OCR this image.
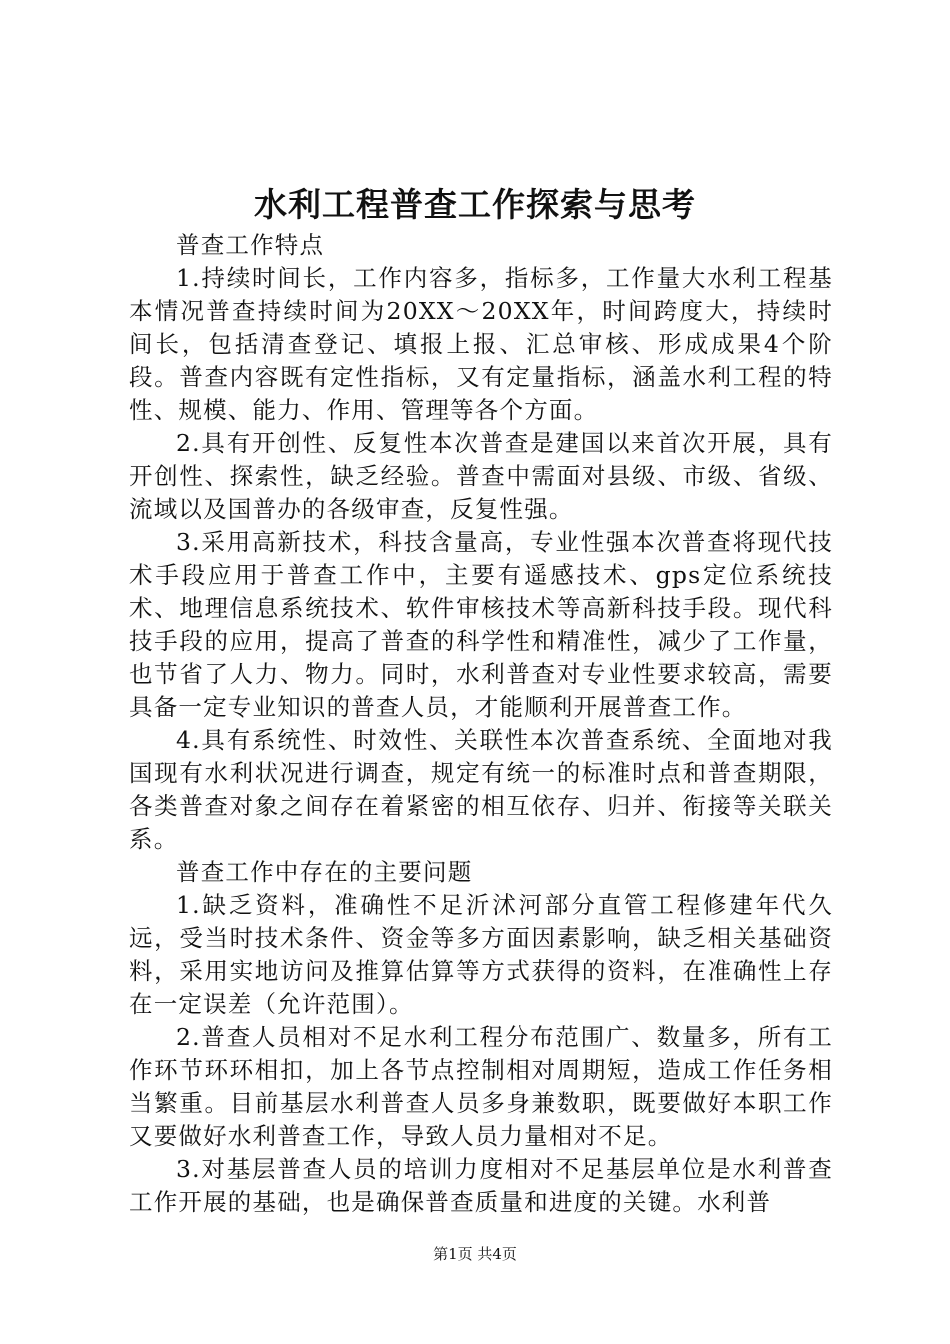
水利工程普查工作探索与思考

普查工作特点

1.持续时间长，工作内容多，指标多，工作量大水利工程基本情况普查持续时间为20XX～20XX年，时间跨度大，持续时间长，包括清查登记、填报上报、汇总审核、形成成果4个阶段。普查内容既有定性指标，又有定量指标，涵盖水利工程的特性、规模、能力、作用、管理等各个方面。

2.具有开创性、反复性本次普查是建国以来首次开展，具有开创性、探索性，缺乏经验。普查中需面对县级、市级、省级、流域以及国普办的各级审查，反复性强。

3.采用高新技术，科技含量高，专业性强本次普查将现代技术手段应用于普查工作中，主要有遥感技术、gps定位系统技术、地理信息系统技术、软件审核技术等高新科技手段。现代科技手段的应用，提高了普查的科学性和精准性，减少了工作量，也节省了人力、物力。同时，水利普查对专业性要求较高，需要具备一定专业知识的普查人员，才能顺利开展普查工作。

4.具有系统性、时效性、关联性本次普查系统、全面地对我国现有水利状况进行调查，规定有统一的标准时点和普查期限，各类普查对象之间存在着紧密的相互依存、归并、衔接等关联关系。

普查工作中存在的主要问题

1.缺乏资料，准确性不足沂沭河部分直管工程修建年代久远，受当时技术条件、资金等多方面因素影响，缺乏相关基础资料，采用实地访问及推算估算等方式获得的资料，在准确性上存在一定误差（允许范围）。

2.普查人员相对不足水利工程分布范围广、数量多，所有工作环节环环相扣，加上各节点控制相对周期短，造成工作任务相当繁重。目前基层水利普查人员多身兼数职，既要做好本职工作又要做好水利普查工作，导致人员力量相对不足。

3.对基层普查人员的培训力度相对不足基层单位是水利普查工作开展的基础，也是确保普查质量和进度的关键。水利普

第1页 共4页
